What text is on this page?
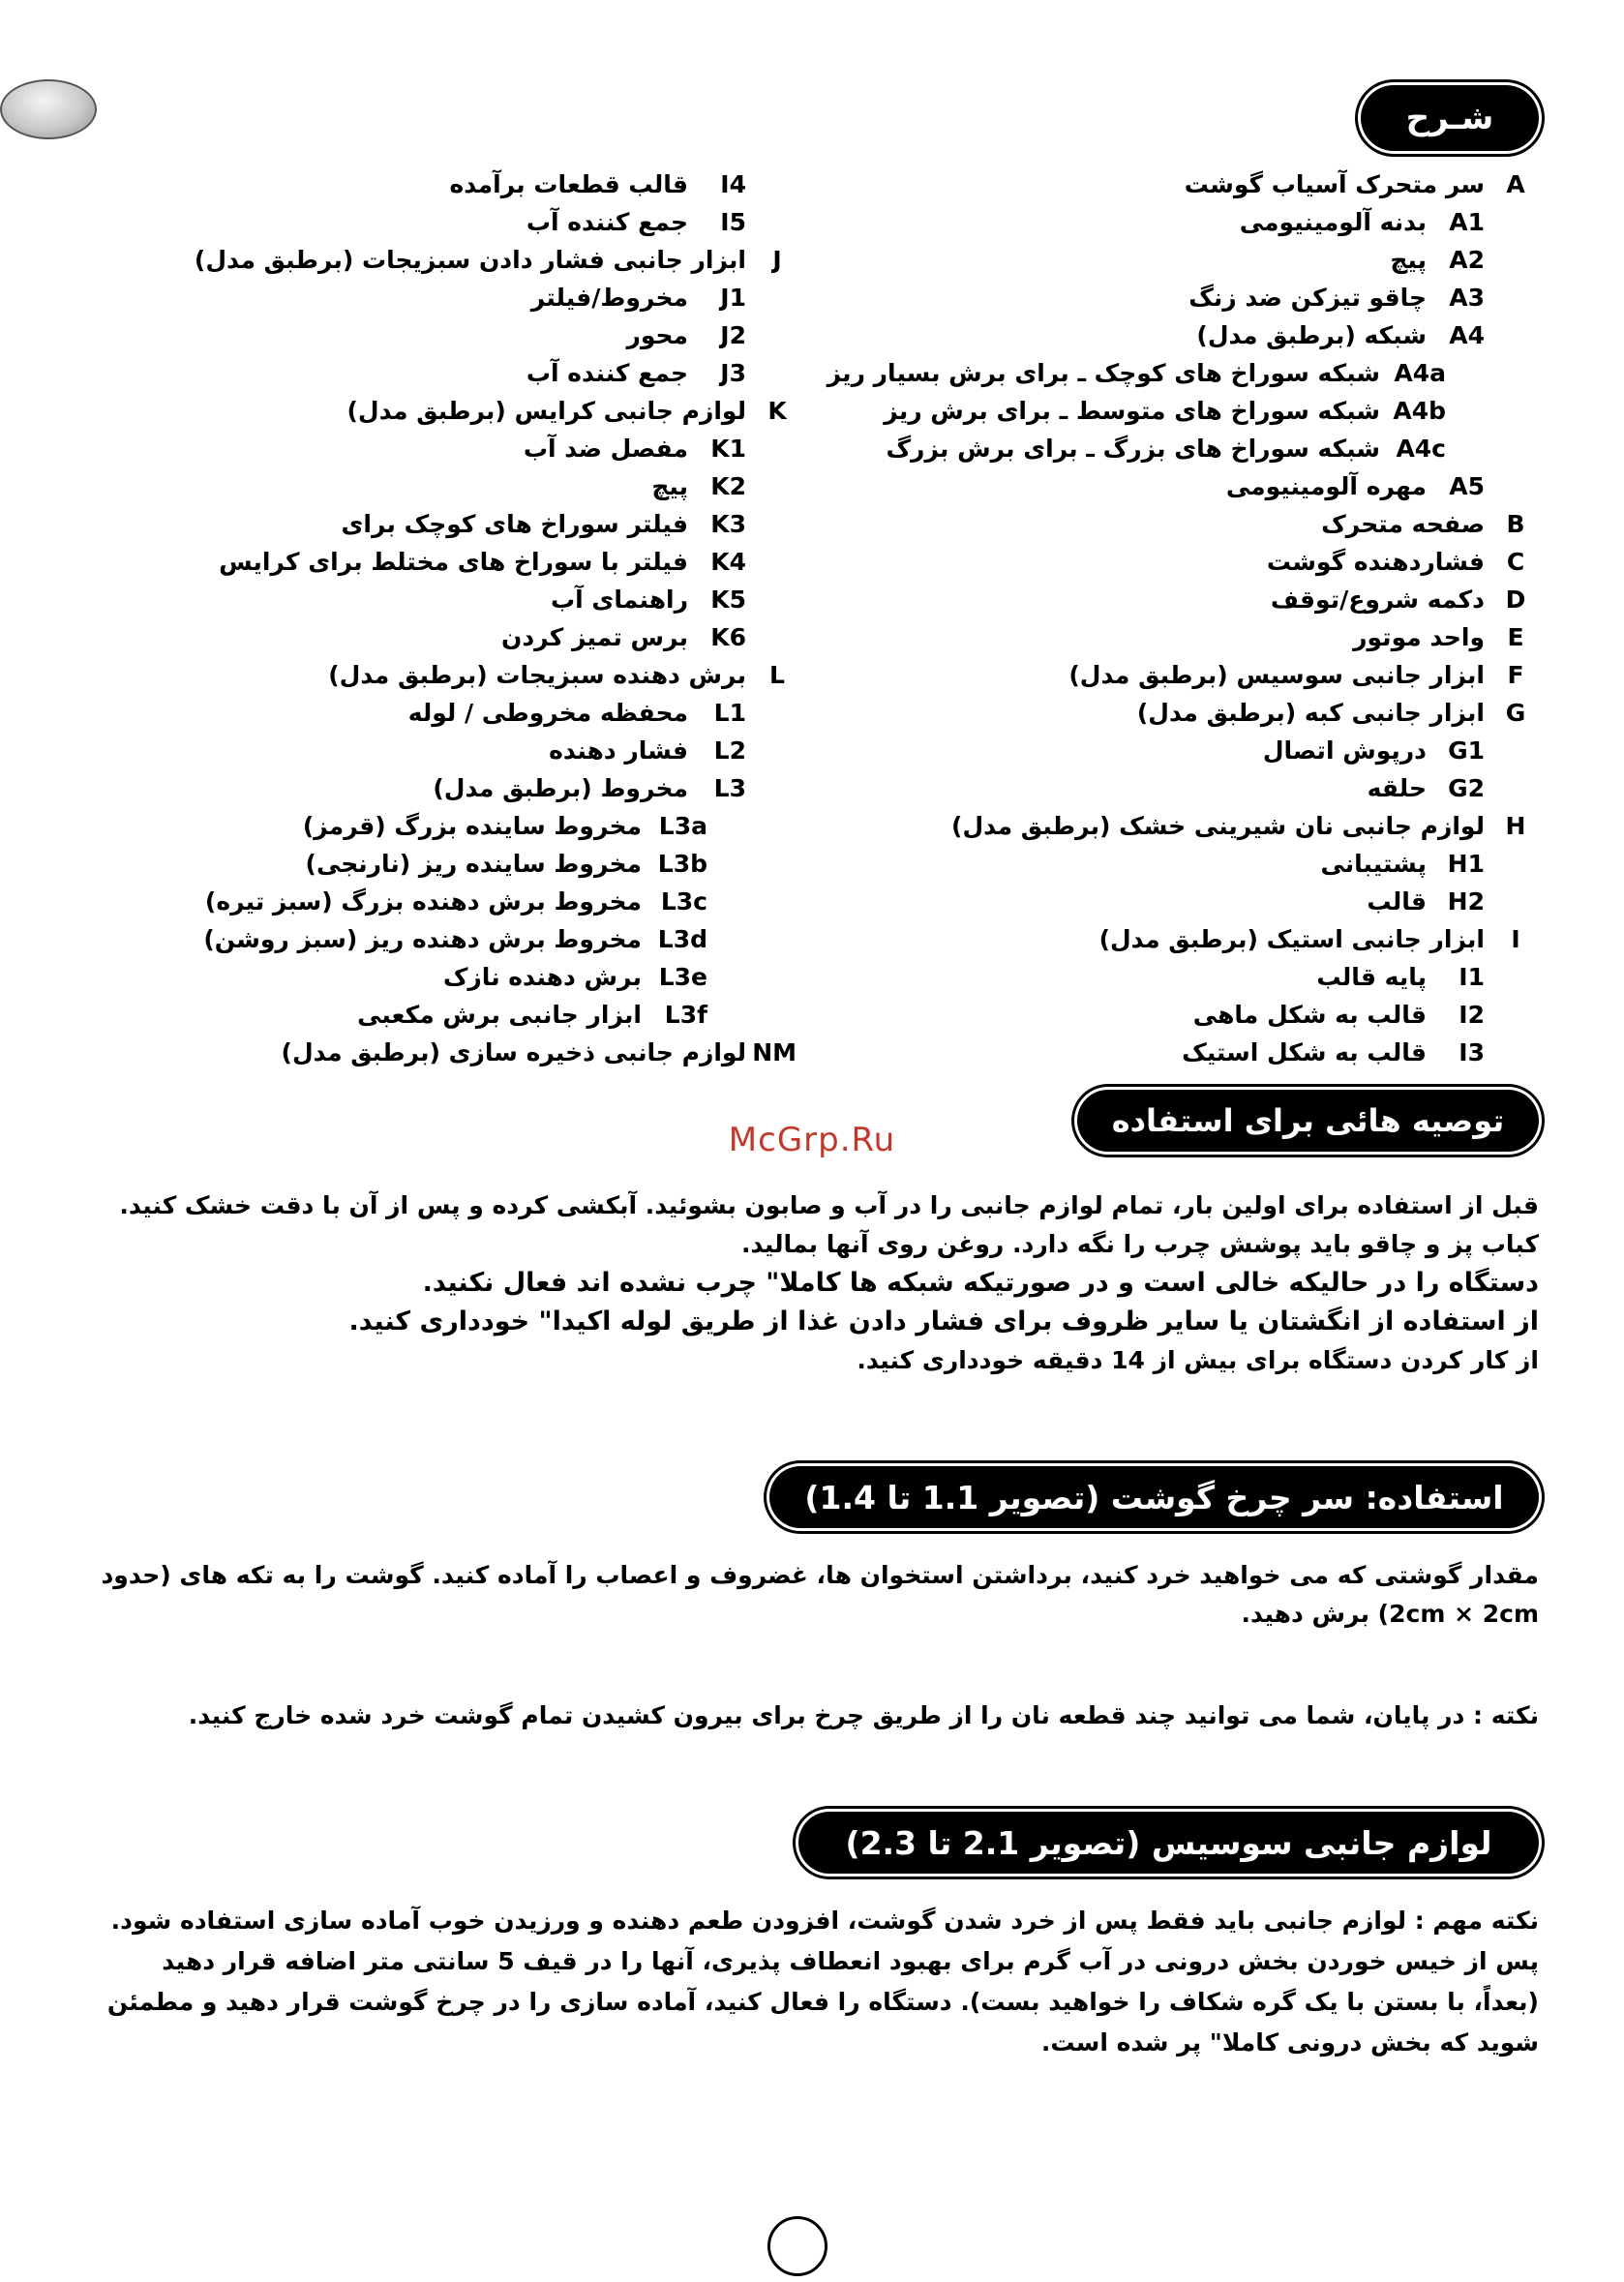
شـرح
A
سر متحرک آسیاب گوشت
A1
بدنه آلومینیومی
A2
پیچ
A3
چاقو تیزکن ضد زنگ
A4
شبکه (برطبق مدل)
A4a
شبکه سوراخ های کوچک ـ برای برش بسیار ریز
A4b
شبکه سوراخ های متوسط ـ برای برش ریز
A4c
شبکه سوراخ های بزرگ ـ برای برش بزرگ
A5
مهره آلومینیومی
B
صفحه متحرک
C
فشاردهنده گوشت
D
دکمه شروع/توقف
E
واحد موتور
F
ابزار جانبی سوسیس (برطبق مدل)
G
ابزار جانبی کبه (برطبق مدل)
G1
درپوش اتصال
G2
حلقه
H
لوازم جانبی نان شیرینی خشک (برطبق مدل)
H1
پشتیبانی
H2
قالب
I
ابزار جانبی استیک (برطبق مدل)
I1
پایه قالب
I2
قالب به شکل ماهی
I3
قالب به شکل استیک
I4
قالب قطعات برآمده
I5
جمع کننده آب
J
ابزار جانبی فشار دادن سبزیجات (برطبق مدل)
J1
مخروط/فیلتر
J2
محور
J3
جمع کننده آب
K
لوازم جانبی کرایس (برطبق مدل)
K1
مفصل ضد آب
K2
پیچ
K3
فیلتر سوراخ های کوچک برای
K4
فیلتر با سوراخ های مختلط برای کرایس
K5
راهنمای آب
K6
برس تمیز کردن
L
برش دهنده سبزیجات (برطبق مدل)
L1
محفظه مخروطی / لوله
L2
فشار دهنده
L3
مخروط (برطبق مدل)
L3a
مخروط ساینده بزرگ (قرمز)
L3b
مخروط ساینده ریز (نارنجی)
L3c
مخروط برش دهنده بزرگ (سبز تیره)
L3d
مخروط برش دهنده ریز (سبز روشن)
L3e
برش دهنده نازک
L3f
ابزار جانبی برش مکعبی
NM
لوازم جانبی ذخیره سازی (برطبق مدل)
توصیه هائی برای استفاده
McGrp.Ru
قبل از استفاده برای اولین بار، تمام لوازم جانبی را در آب و صابون بشوئید. آبکشی کرده و پس از آن با دقت خشک کنید.
کباب پز و چاقو باید پوشش چرب را نگه دارد. روغن روی آنها بمالید.
دستگاه را در حالیکه خالی است و در صورتیکه شبکه ها کاملا" چرب نشده اند فعال نکنید.
از استفاده از انگشتان یا سایر ظروف برای فشار دادن غذا از طریق لوله اکیدا" خودداری کنید.
از کار کردن دستگاه برای بیش از 14 دقیقه خودداری کنید.
استفاده: سر چرخ گوشت (تصویر 1.1 تا 1.4)
مقدار گوشتی که می خواهید خرد کنید، برداشتن استخوان ها، غضروف و اعصاب را آماده کنید. گوشت را به تکه های (حدود 2cm × 2cm) برش دهید.
نکته : در پایان، شما می توانید چند قطعه نان را از طریق چرخ برای بیرون کشیدن تمام گوشت خرد شده خارج کنید.
لوازم جانبی سوسیس (تصویر 2.1 تا 2.3)
نکته مهم : لوازم جانبی باید فقط پس از خرد شدن گوشت، افزودن طعم دهنده و ورزیدن خوب آماده سازی استفاده شود. پس از خیس خوردن بخش درونی در آب گرم برای بهبود انعطاف پذیری، آنها را در قیف 5 سانتی متر اضافه قرار دهید (بعداً، با بستن با یک گره شکاف را خواهید بست). دستگاه را فعال کنید، آماده سازی را در چرخ گوشت قرار دهید و مطمئن شوید که بخش درونی کاملا" پر شده است.
